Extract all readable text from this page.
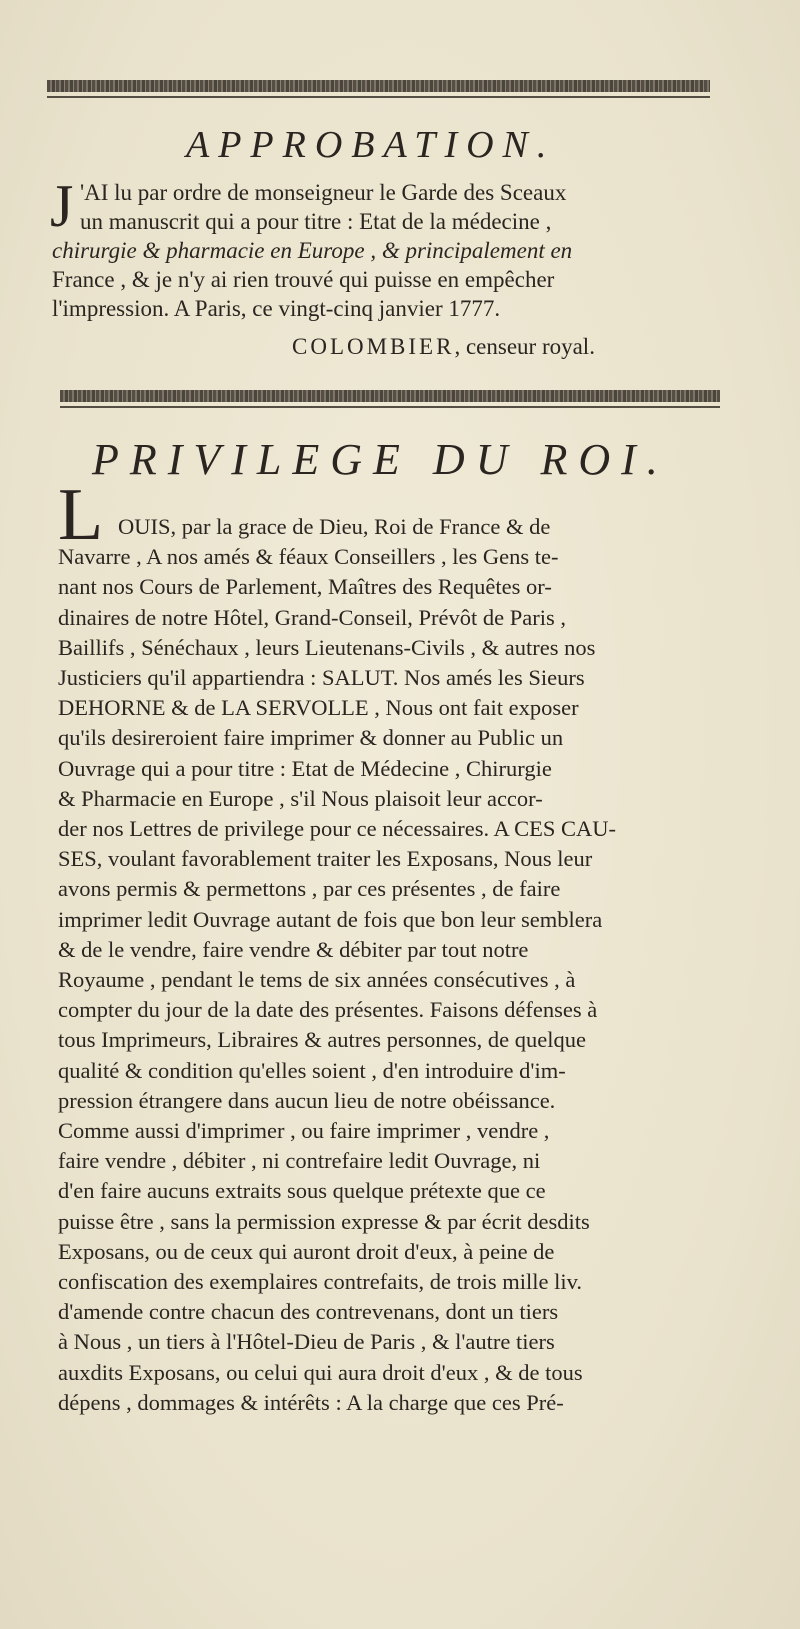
APPROBATION.
J 'AI lu par ordre de monseigneur le Garde des Sceaux
un manuscrit qui a pour titre : Etat de la médecine ,
chirurgie & pharmacie en Europe , & principalement en
France , & je n'y ai rien trouvé qui puisse en empêcher
l'impression. A Paris, ce vingt-cinq janvier 1777.
COLOMBIER, censeur royal.
PRIVILEGE DU ROI.
L OUIS, par la grace de Dieu, Roi de France & de
Navarre , A nos amés & féaux Conseillers , les Gens te-
nant nos Cours de Parlement, Maîtres des Requêtes or-
dinaires de notre Hôtel, Grand-Conseil, Prévôt de Paris ,
Baillifs , Sénéchaux , leurs Lieutenans-Civils , & autres nos
Justiciers qu'il appartiendra : SALUT. Nos amés les Sieurs
DEHORNE & de LA SERVOLLE , Nous ont fait exposer
qu'ils desireroient faire imprimer & donner au Public un
Ouvrage qui a pour titre : Etat de Médecine , Chirurgie
& Pharmacie en Europe , s'il Nous plaisoit leur accor-
der nos Lettres de privilege pour ce nécessaires. A CES CAU-
SES, voulant favorablement traiter les Exposans, Nous leur
avons permis & permettons , par ces présentes , de faire
imprimer ledit Ouvrage autant de fois que bon leur semblera
& de le vendre, faire vendre & débiter par tout notre
Royaume , pendant le tems de six années consécutives , à
compter du jour de la date des présentes. Faisons défenses à
tous Imprimeurs, Libraires & autres personnes, de quelque
qualité & condition qu'elles soient , d'en introduire d'im-
pression étrangere dans aucun lieu de notre obéissance.
Comme aussi d'imprimer , ou faire imprimer , vendre ,
faire vendre , débiter , ni contrefaire ledit Ouvrage, ni
d'en faire aucuns extraits sous quelque prétexte que ce
puisse être , sans la permission expresse & par écrit desdits
Exposans, ou de ceux qui auront droit d'eux, à peine de
confiscation des exemplaires contrefaits, de trois mille liv.
d'amende contre chacun des contrevenans, dont un tiers
à Nous , un tiers à l'Hôtel-Dieu de Paris , & l'autre tiers
auxdits Exposans, ou celui qui aura droit d'eux , & de tous
dépens , dommages & intérêts : A la charge que ces Pré-
